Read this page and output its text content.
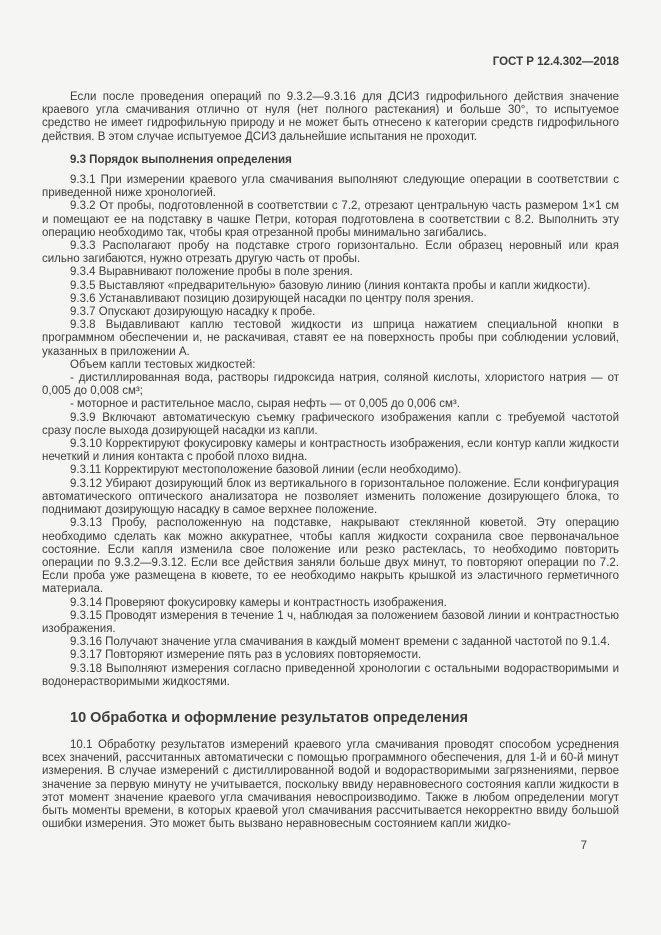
ГОСТ Р 12.4.302—2018

Если после проведения операций по 9.3.2—9.3.16 для ДСИЗ гидрофильного действия значение краевого угла смачивания отлично от нуля (нет полного растекания) и больше 30°, то испытуемое средство не имеет гидрофильную природу и не может быть отнесено к категории средств гидрофильного действия. В этом случае испытуемое ДСИЗ дальнейшие испытания не проходит.

9.3 Порядок выполнения определения

9.3.1 При измерении краевого угла смачивания выполняют следующие операции в соответствии с приведенной ниже хронологией.

9.3.2 От пробы, подготовленной в соответствии с 7.2, отрезают центральную часть размером 1×1 см и помещают ее на подставку в чашке Петри, которая подготовлена в соответствии с 8.2. Выполнить эту операцию необходимо так, чтобы края отрезанной пробы минимально загибались.

9.3.3 Располагают пробу на подставке строго горизонтально. Если образец неровный или края сильно загибаются, нужно отрезать другую часть от пробы.

9.3.4 Выравнивают положение пробы в поле зрения.

9.3.5 Выставляют «предварительную» базовую линию (линия контакта пробы и капли жидкости).

9.3.6 Устанавливают позицию дозирующей насадки по центру поля зрения.

9.3.7 Опускают дозирующую насадку к пробе.

9.3.8 Выдавливают каплю тестовой жидкости из шприца нажатием специальной кнопки в программном обеспечении и, не раскачивая, ставят ее на поверхность пробы при соблюдении условий, указанных в приложении А.

Объем капли тестовых жидкостей:

- дистиллированная вода, растворы гидроксида натрия, соляной кислоты, хлористого натрия — от 0,005 до 0,008 см³;

- моторное и растительное масло, сырая нефть — от 0,005 до 0,006 см³.

9.3.9 Включают автоматическую съемку графического изображения капли с требуемой частотой сразу после выхода дозирующей насадки из капли.

9.3.10 Корректируют фокусировку камеры и контрастность изображения, если контур капли жидкости нечеткий и линия контакта с пробой плохо видна.

9.3.11 Корректируют местоположение базовой линии (если необходимо).

9.3.12 Убирают дозирующий блок из вертикального в горизонтальное положение. Если конфигурация автоматического оптического анализатора не позволяет изменить положение дозирующего блока, то поднимают дозирующую насадку в самое верхнее положение.

9.3.13 Пробу, расположенную на подставке, накрывают стеклянной кюветой. Эту операцию необходимо сделать как можно аккуратнее, чтобы капля жидкости сохранила свое первоначальное состояние. Если капля изменила свое положение или резко растеклась, то необходимо повторить операции по 9.3.2—9.3.12. Если все действия заняли больше двух минут, то повторяют операции по 7.2. Если проба уже размещена в кювете, то ее необходимо накрыть крышкой из эластичного герметичного материала.

9.3.14 Проверяют фокусировку камеры и контрастность изображения.

9.3.15 Проводят измерения в течение 1 ч, наблюдая за положением базовой линии и контрастностью изображения.

9.3.16 Получают значение угла смачивания в каждый момент времени с заданной частотой по 9.1.4.

9.3.17 Повторяют измерение пять раз в условиях повторяемости.

9.3.18 Выполняют измерения согласно приведенной хронологии с остальными водорастворимыми и водонерастворимыми жидкостями.

10 Обработка и оформление результатов определения

10.1 Обработку результатов измерений краевого угла смачивания проводят способом усреднения всех значений, рассчитанных автоматически с помощью программного обеспечения, для 1-й и 60-й минут измерения. В случае измерений с дистиллированной водой и водорастворимыми загрязнениями, первое значение за первую минуту не учитывается, поскольку ввиду неравновесного состояния капли жидкости в этот момент значение краевого угла смачивания невоспроизводимо. Также в любом определении могут быть моменты времени, в которых краевой угол смачивания рассчитывается некорректно ввиду большой ошибки измерения. Это может быть вызвано неравновесным состоянием капли жидко-

7
